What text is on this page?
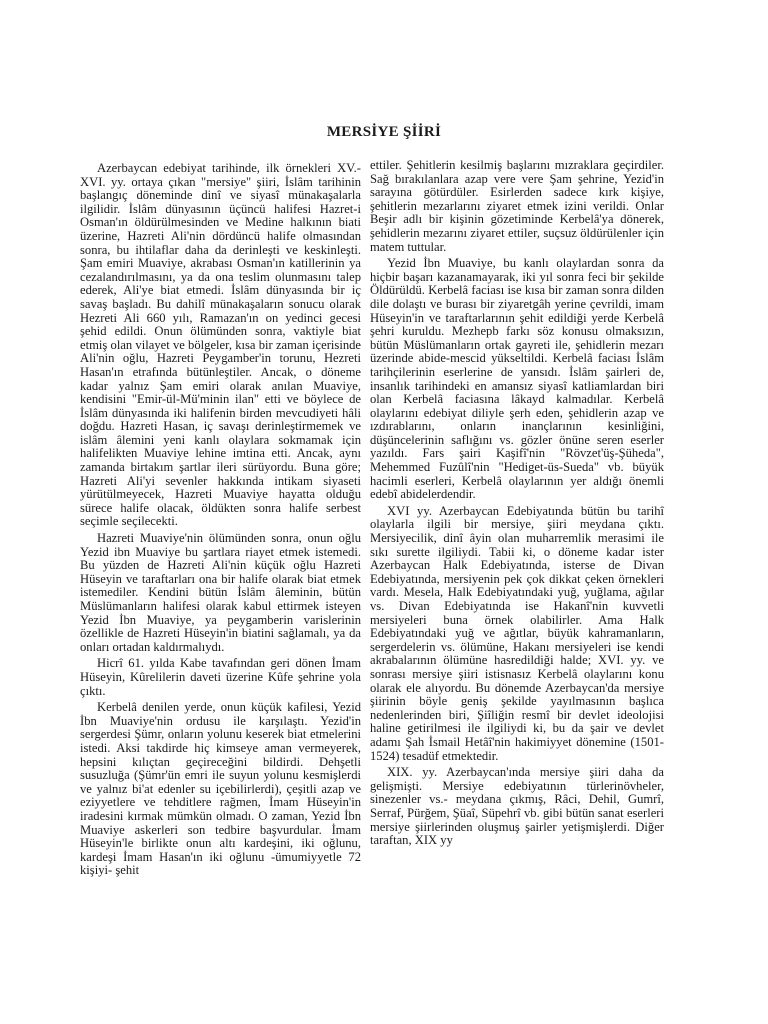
MERSİYE ŞİİRİ

Azerbaycan edebiyat tarihinde, ilk örnekleri XV.-XVI. yy. ortaya çıkan "mersiye" şiiri, İslâm tarihinin başlangıç döneminde dinî ve siyasî münakaşalarla ilgilidir. İslâm dünyasının üçüncü halifesi Hazret-i Osman'ın öldürülmesinden ve Medine halkının biati üzerine, Hazreti Ali'nin dördüncü halife olmasından sonra, bu ihtilaflar daha da derinleşti ve keskinleşti. Şam emiri Muaviye, akrabası Osman'ın katillerinin ya cezalandırılmasını, ya da ona teslim olunmasını talep ederek, Ali'ye biat etmedi. İslâm dünyasında bir iç savaş başladı. Bu dahilî münakaşaların sonucu olarak Hezreti Ali 660 yılı, Ramazan'ın on yedinci gecesi şehid edildi. Onun ölümünden sonra, vaktiyle biat etmiş olan vilayet ve bölgeler, kısa bir zaman içerisinde Ali'nin oğlu, Hazreti Peygamber'in torunu, Hezreti Hasan'ın etrafında bütünleştiler. Ancak, o döneme kadar yalnız Şam emiri olarak anılan Muaviye, kendisini "Emir-ül-Mü'minin ilan" etti ve böylece de İslâm dünyasında iki halifenin birden mevcudiyeti hâli doğdu. Hazreti Hasan, iç savaşı derinleştirmemek ve islâm âlemini yeni kanlı olaylara sokmamak için halifelikten Muaviye lehine imtina etti. Ancak, aynı zamanda birtakım şartlar ileri sürüyordu. Buna göre; Hazreti Ali'yi sevenler hakkında intikam siyaseti yürütülmeyecek, Hazreti Muaviye hayatta olduğu sürece halife olacak, öldükten sonra halife serbest seçimle seçilecekti.

Hazreti Muaviye'nin ölümünden sonra, onun oğlu Yezid ibn Muaviye bu şartlara riayet etmek istemedi. Bu yüzden de Hazreti Ali'nin küçük oğlu Hazreti Hüseyin ve taraftarları ona bir halife olarak biat etmek istemediler. Kendini bütün İslâm âleminin, bütün Müslümanların halifesi olarak kabul ettirmek isteyen Yezid İbn Muaviye, ya peygamberin varislerinin özellikle de Hazreti Hüseyin'in biatini sağlamalı, ya da onları ortadan kaldırmalıydı.

Hicrî 61. yılda Kabe tavafından geri dönen İmam Hüseyin, Kûrelilerin daveti üzerine Kûfe şehrine yola çıktı.

Kerbelâ denilen yerde, onun küçük kafilesi, Yezid İbn Muaviye'nin ordusu ile karşılaştı. Yezid'in sergerdesi Şümr, onların yolunu keserek biat etmelerini istedi. Aksi takdirde hiç kimseye aman vermeyerek, hepsini kılıçtan geçireceğini bildirdi. Dehşetli susuzluğa (Şümr'ün emri ile suyun yolunu kesmişlerdi ve yalnız bi'at edenler su içebilirlerdi), çeşitli azap ve eziyyetlere ve tehditlere rağmen, İmam Hüseyin'in iradesini kırmak mümkün olmadı. O zaman, Yezid İbn Muaviye askerleri son tedbire başvurdular. İmam Hüseyin'le birlikte onun altı kardeşini, iki oğlunu, kardeşi İmam Hasan'ın iki oğlunu -ümumiyyetle 72 kişiyi- şehit

ettiler. Şehitlerin kesilmiş başlarını mızraklara geçirdiler. Sağ bırakılanlara azap vere vere Şam şehrine, Yezid'in sarayına götürdüler. Esirlerden sadece kırk kişiye, şehitlerin mezarlarını ziyaret etmek izini verildi. Onlar Beşir adlı bir kişinin gözetiminde Kerbelâ'ya dönerek, şehidlerin mezarını ziyaret ettiler, suçsuz öldürülenler için matem tuttular.

Yezid İbn Muaviye, bu kanlı olaylardan sonra da hiçbir başarı kazanamayarak, iki yıl sonra feci bir şekilde Öldürüldü. Kerbelâ faciası ise kısa bir zaman sonra dilden dile dolaştı ve burası bir ziyaretgâh yerine çevrildi, imam Hüseyin'in ve taraftarlarının şehit edildiği yerde Kerbelâ şehri kuruldu. Mezhepb farkı söz konusu olmaksızın, bütün Müslümanların ortak gayreti ile, şehidlerin mezarı üzerinde abide-mescid yükseltildi. Kerbelâ faciası İslâm tarihçilerinin eserlerine de yansıdı. İslâm şairleri de, insanlık tarihindeki en amansız siyasî katliamlardan biri olan Kerbelâ faciasına lâkayd kalmadılar. Kerbelâ olaylarını edebiyat diliyle şerh eden, şehidlerin azap ve ızdırablarını, onların inançlarının kesinliğini, düşüncelerinin saflığını vs. gözler önüne seren eserler yazıldı. Fars şairi Kaşifî'nin "Rövzet'üş-Şüheda", Mehemmed Fuzûlî'nin "Hediget-üs-Sueda" vb. büyük hacimli eserleri, Kerbelâ olaylarının yer aldığı önemli edebî abidelerdendir.

XVI yy. Azerbaycan Edebiyatında bütün bu tarihî olaylarla ilgili bir mersiye, şiiri meydana çıktı. Mersiyecilik, dinî âyin olan muharremlik merasimi ile sıkı surette ilgiliydi. Tabii ki, o döneme kadar ister Azerbaycan Halk Edebiyatında, isterse de Divan Edebiyatında, mersiyenin pek çok dikkat çeken örnekleri vardı. Mesela, Halk Edebiyatındaki yuğ, yuğlama, ağılar vs. Divan Edebiyatında ise Hakanî'nin kuvvetli mersiyeleri buna örnek olabilirler. Ama Halk Edebiyatındaki yuğ ve ağıtlar, büyük kahramanların, sergerdelerin vs. ölümüne, Hakanı mersiyeleri ise kendi akrabalarının ölümüne hasredildiği halde; XVI. yy. ve sonrası mersiye şiiri istisnasız Kerbelâ olaylarını konu olarak ele alıyordu. Bu dönemde Azerbaycan'da mersiye şiirinin böyle geniş şekilde yayılmasının başlıca nedenlerinden biri, Şiîliğin resmî bir devlet ideolojisi haline getirilmesi ile ilgiliydi ki, bu da şair ve devlet adamı Şah İsmail Hetâî'nin hakimiyyet dönemine (1501-1524) tesadüf etmektedir.

XIX. yy. Azerbaycan'ında mersiye şiiri daha da gelişmişti. Mersiye edebiyatının türlerinövheler, sinezenler vs.- meydana çıkmış, Râci, Dehil, Gumrî, Serraf, Pürğem, Şüaî, Süpehrî vb. gibi bütün sanat eserleri mersiye şiirlerinden oluşmuş şairler yetişmişlerdi. Diğer taraftan, XIX yy
